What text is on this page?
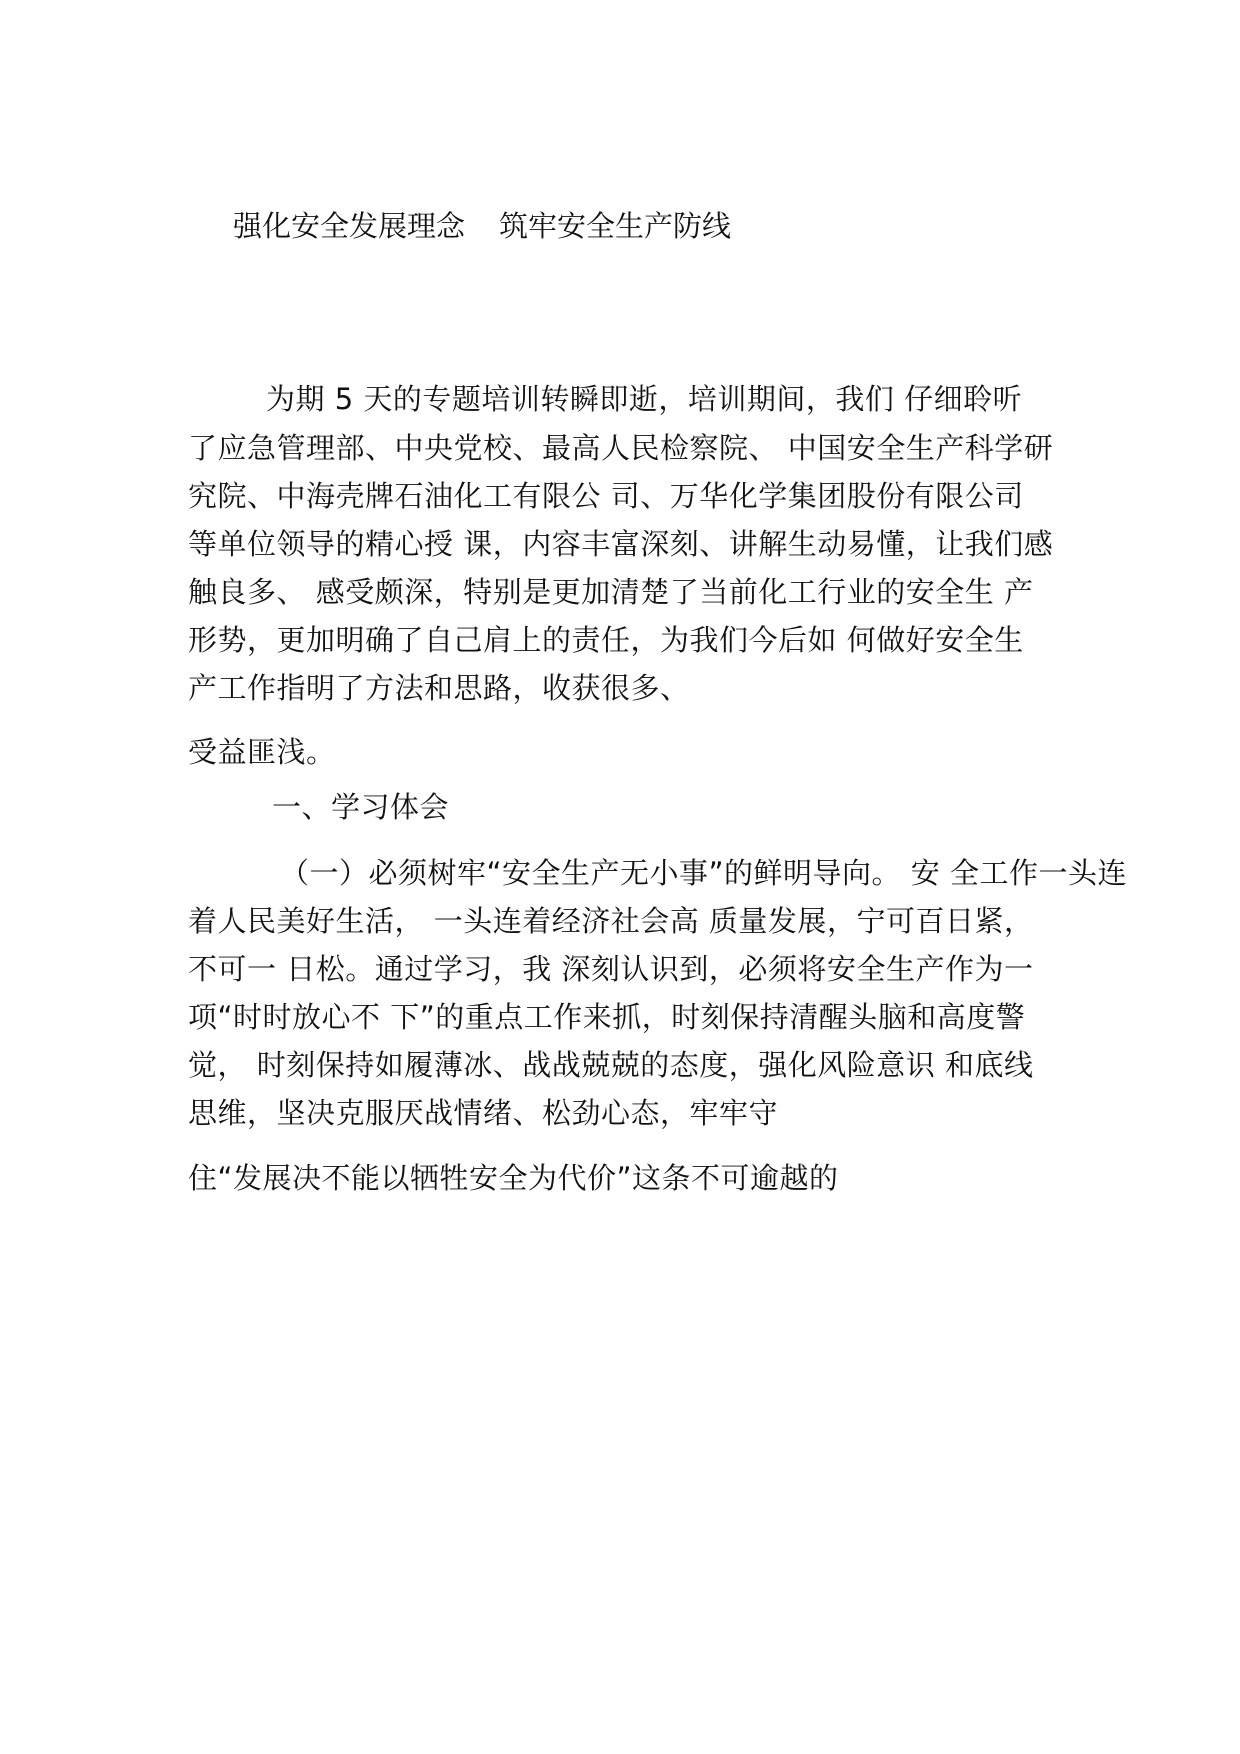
强化安全发展理念 筑牢安全生产防线
为期 5 天的专题培训转瞬即逝，培训期间，我们 仔细聆听
了应急管理部、中央党校、最高人民检察院、 中国安全生产科学研
究院、中海壳牌石油化工有限公 司、万华化学集团股份有限公司
等单位领导的精心授 课，内容丰富深刻、讲解生动易懂，让我们感
触良多、 感受颇深，特别是更加清楚了当前化工行业的安全生 产
形势，更加明确了自己肩上的责任，为我们今后如 何做好安全生
产工作指明了方法和思路，收获很多、
受益匪浅。
一、学习体会
（一）必须树牢“安全生产无小事”的鲜明导向。 安 全工作一头连
着人民美好生活， 一头连着经济社会高 质量发展，宁可百日紧，
不可一 日松。通过学习，我 深刻认识到，必须将安全生产作为一
项“时时放心不 下”的重点工作来抓，时刻保持清醒头脑和高度警
觉， 时刻保持如履薄冰、战战兢兢的态度，强化风险意识 和底线
思维，坚决克服厌战情绪、松劲心态，牢牢守
住“发展决不能以牺牲安全为代价”这条不可逾越的
